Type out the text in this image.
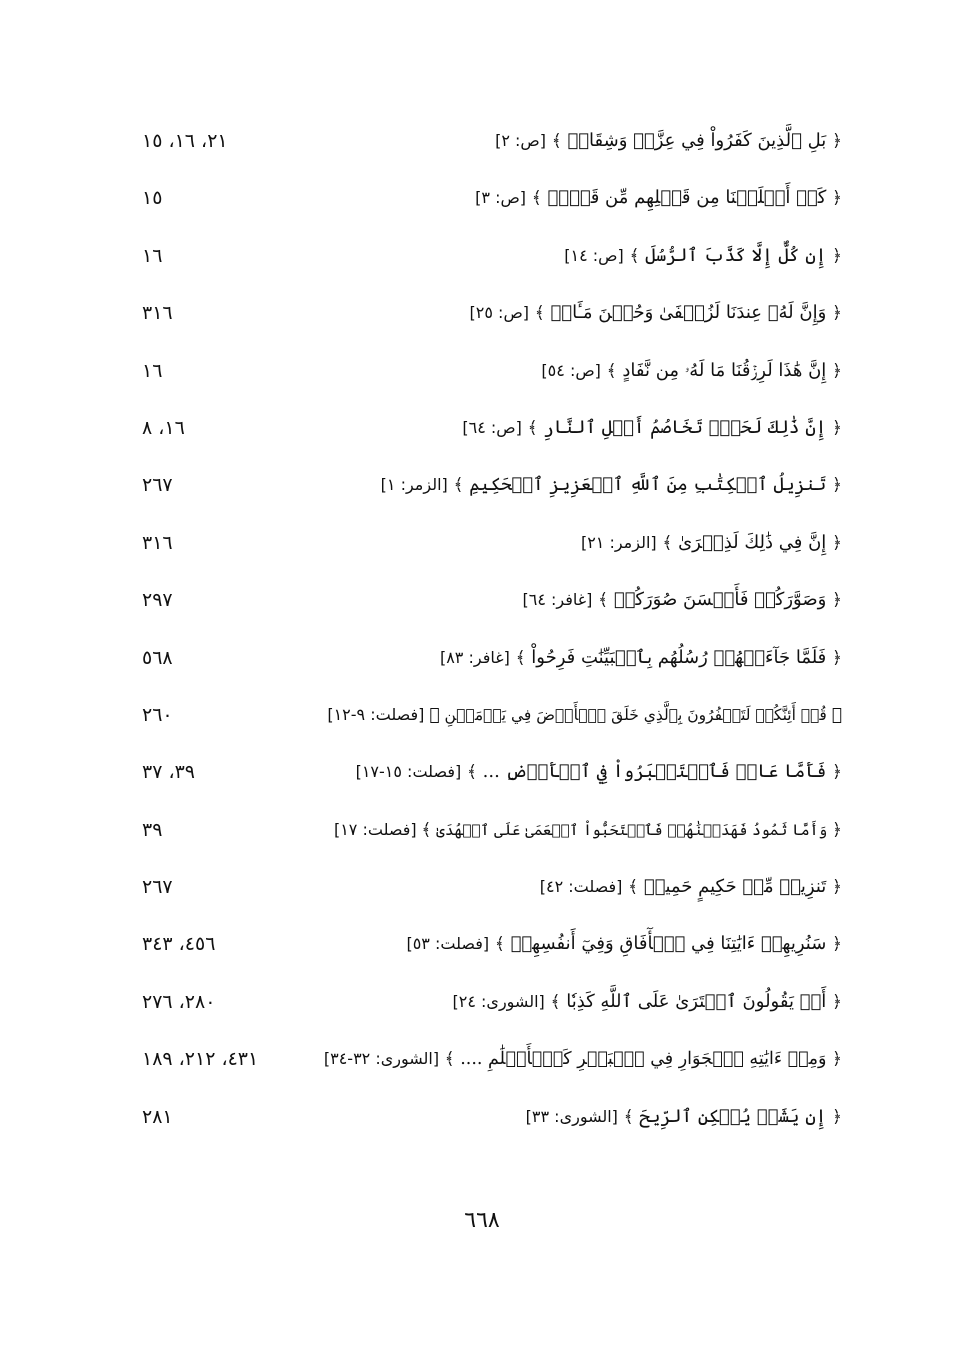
﴿ بَلِ ٱلَّذِينَ كَفَرُواْ فِي عِزَّةٖ وَشِقَاقٖ ﴾ [ص: ٢]
٢١، ١٦، ١٥
﴿ كَمۡ أَهۡلَكۡنَا مِن قَبۡلِهِم مِّن قَرۡنٖ ﴾ [ص: ٣]
١٥
﴿ إِن كُلٌّ إِلَّا كَذَّبَ ٱلرُّسُلَ ﴾ [ص: ١٤]
١٦
﴿ وَإِنَّ لَهُۥ عِندَنَا لَزُلۡفَىٰ وَحُسۡنَ مَـَٔابٖ ﴾ [ص: ٢٥]
٣١٦
﴿ إِنَّ هَٰذَا لَرِزۡقُنَا مَا لَهُۥ مِن نَّفَادٍ ﴾ [ص: ٥٤]
١٦
﴿ إِنَّ ذَٰلِكَ لَحَقّٞ تَخَاصُمُ أَهۡلِ ٱلنَّارِ ﴾ [ص: ٦٤]
١٦، ٨
﴿ تَنزِيلُ ٱلۡكِتَٰبِ مِنَ ٱللَّهِ ٱلۡعَزِيزِ ٱلۡحَكِيمِ ﴾ [الزمر: ١]
٢٦٧
﴿ إِنَّ فِي ذَٰلِكَ لَذِكۡرَىٰ ﴾ [الزمر: ٢١]
٣١٦
﴿ وَصَوَّرَكُمۡ فَأَحۡسَنَ صُوَرَكُمۡ ﴾ [غافر: ٦٤]
٢٩٧
﴿ فَلَمَّا جَآءَتۡهُمۡ رُسُلُهُم بِٱلۡبَيِّنَٰتِ فَرِحُواْ ﴾ [غافر: ٨٣]
٥٦٨
﴿ قُلۡ أَئِنَّكُمۡ لَتَكۡفُرُونَ بِٱلَّذِي خَلَقَ ٱلۡأَرۡضَ فِي يَوۡمَيۡنِ ﴾ [فصلت: ٩-١٢]
٢٦٠
﴿ فَأَمَّا عَادٞ فَٱسۡتَكۡبَرُواْ فِي ٱلۡأَرۡضِ ... ﴾ [فصلت: ١٥-١٧]
٣٩، ٣٧
﴿ وَأَمَّا ثَمُودُ فَهَدَيۡنَٰهُمۡ فَٱسۡتَحَبُّواْ ٱلۡعَمَىٰ عَلَى ٱلۡهُدَىٰ ﴾ [فصلت: ١٧]
٣٩
﴿ تَنزِيلٞ مِّنۡ حَكِيمٍ حَمِيدٖ ﴾ [فصلت: ٤٢]
٢٦٧
﴿ سَنُرِيهِمۡ ءَايَٰتِنَا فِي ٱلۡأٓفَاقِ وَفِيٓ أَنفُسِهِمۡ ﴾ [فصلت: ٥٣]
٤٥٦، ٣٤٣
﴿ أَمۡ يَقُولُونَ ٱفۡتَرَىٰ عَلَى ٱللَّهِ كَذِبٗا ﴾ [الشورى: ٢٤]
٢٨٠، ٢٧٦
﴿ وَمِنۡ ءَايَٰتِهِ ٱلۡجَوَارِ فِي ٱلۡبَحۡرِ كَٱلۡأَعۡلَٰمِ .... ﴾ [الشورى: ٣٢-٣٤]
٤٣١، ٢١٢، ١٨٩
﴿ إِن يَشَأۡ يُسۡكِنِ ٱلرِّيحَ ﴾ [الشورى: ٣٣]
٢٨١
٦٦٨
